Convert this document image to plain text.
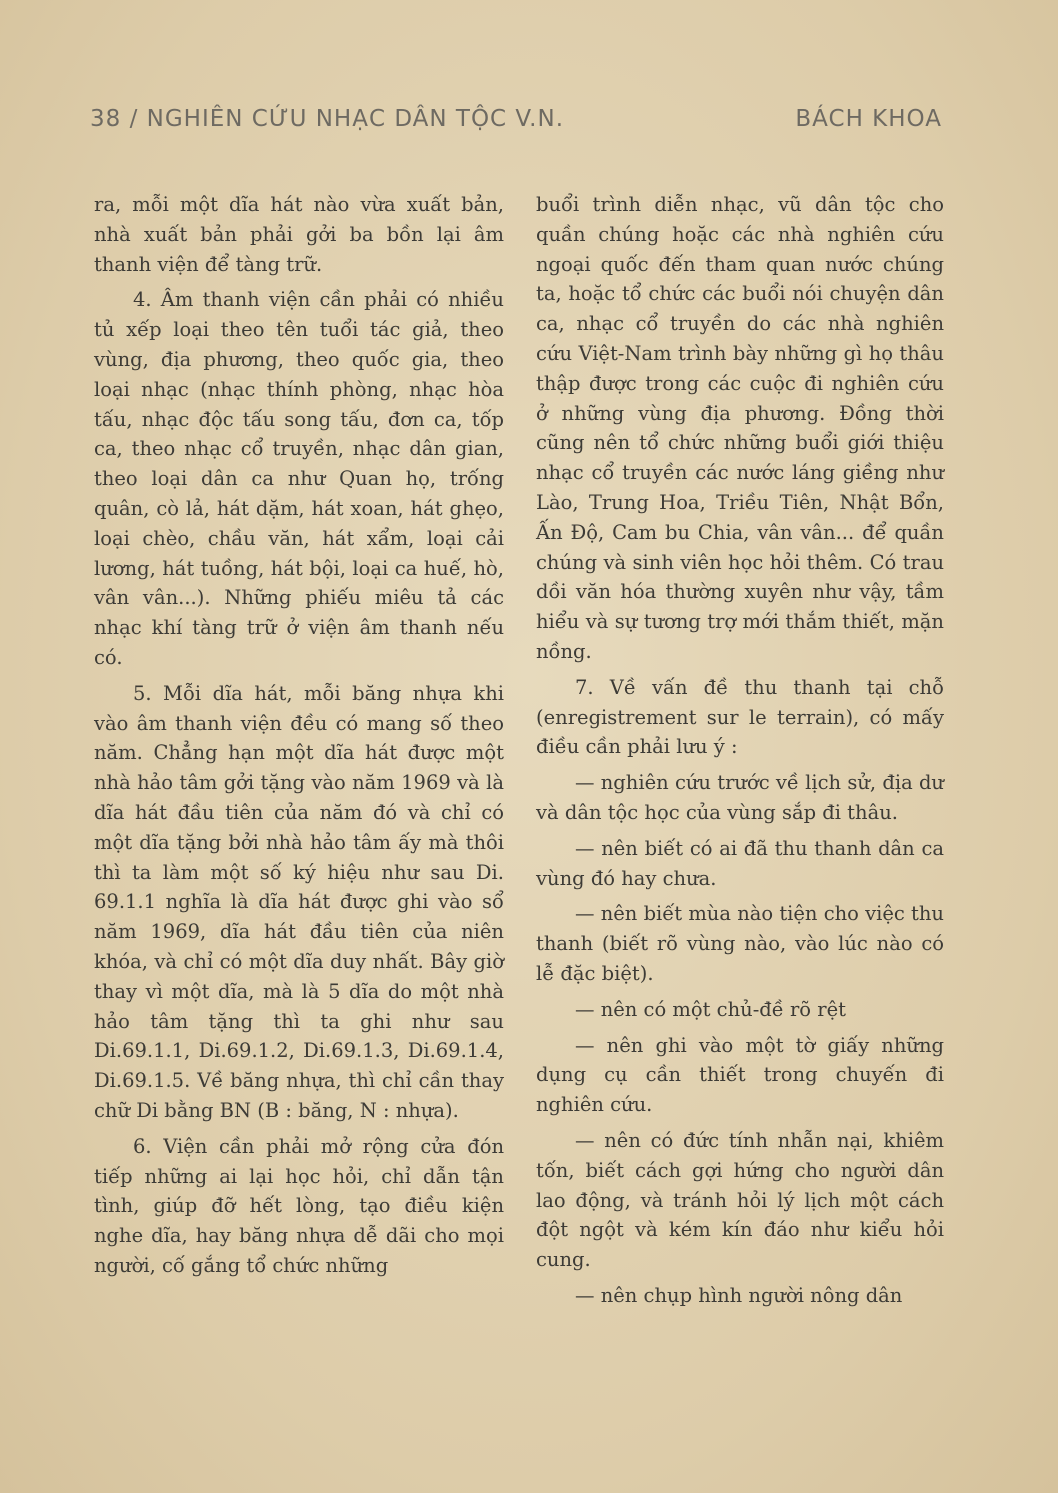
38 / NGHIÊN CỨU NHẠC DÂN TỘC V.N.	BÁCH KHOA

ra, mỗi một dĩa hát nào vừa xuất bản, nhà xuất bản phải gởi ba bồn lại âm thanh viện để tàng trữ.

4. Âm thanh viện cần phải có nhiều tủ xếp loại theo tên tuổi tác giả, theo vùng, địa phương, theo quốc gia, theo loại nhạc (nhạc thính phòng, nhạc hòa tấu, nhạc độc tấu song tấu, đơn ca, tốp ca, theo nhạc cổ truyền, nhạc dân gian, theo loại dân ca như Quan họ, trống quân, cò lả, hát dặm, hát xoan, hát ghẹo, loại chèo, chầu văn, hát xẩm, loại cải lương, hát tuồng, hát bội, loại ca huế, hò, vân vân...). Những phiếu miêu tả các nhạc khí tàng trữ ở viện âm thanh nếu có.

5. Mỗi dĩa hát, mỗi băng nhựa khi vào âm thanh viện đều có mang số theo năm. Chẳng hạn một dĩa hát được một nhà hảo tâm gởi tặng vào năm 1969 và là dĩa hát đầu tiên của năm đó và chỉ có một dĩa tặng bởi nhà hảo tâm ấy mà thôi thì ta làm một số ký hiệu như sau Di. 69.1.1 nghĩa là dĩa hát được ghi vào sổ năm 1969, dĩa hát đầu tiên của niên khóa, và chỉ có một dĩa duy nhất. Bây giờ thay vì một dĩa, mà là 5 dĩa do một nhà hảo tâm tặng thì ta ghi như sau Di.69.1.1, Di.69.1.2, Di.69.1.3, Di.69.1.4, Di.69.1.5. Về băng nhựa, thì chỉ cần thay chữ Di bằng BN (B : băng, N : nhựa).

6. Viện cần phải mở rộng cửa đón tiếp những ai lại học hỏi, chỉ dẫn tận tình, giúp đỡ hết lòng, tạo điều kiện nghe dĩa, hay băng nhựa dễ dãi cho mọi người, cố gắng tổ chức những

buổi trình diễn nhạc, vũ dân tộc cho quần chúng hoặc các nhà nghiên cứu ngoại quốc đến tham quan nước chúng ta, hoặc tổ chức các buổi nói chuyện dân ca, nhạc cổ truyền do các nhà nghiên cứu Việt-Nam trình bày những gì họ thâu thập được trong các cuộc đi nghiên cứu ở những vùng địa phương. Đồng thời cũng nên tổ chức những buổi giới thiệu nhạc cổ truyền các nước láng giềng như Lào, Trung Hoa, Triều Tiên, Nhật Bổn, Ấn Độ, Cam bu Chia, vân vân... để quần chúng và sinh viên học hỏi thêm. Có trau dồi văn hóa thường xuyên như vậy, tầm hiểu và sự tương trợ mới thắm thiết, mặn nồng.

7. Về vấn đề thu thanh tại chỗ (enregistrement sur le terrain), có mấy điều cần phải lưu ý :

— nghiên cứu trước về lịch sử, địa dư và dân tộc học của vùng sắp đi thâu.

— nên biết có ai đã thu thanh dân ca vùng đó hay chưa.

— nên biết mùa nào tiện cho việc thu thanh (biết rõ vùng nào, vào lúc nào có lễ đặc biệt).

— nên có một chủ-đề rõ rệt

— nên ghi vào một tờ giấy những dụng cụ cần thiết trong chuyến đi nghiên cứu.

— nên có đức tính nhẫn nại, khiêm tốn, biết cách gợi hứng cho người dân lao động, và tránh hỏi lý lịch một cách đột ngột và kém kín đáo như kiểu hỏi cung.

— nên chụp hình người nông dân
